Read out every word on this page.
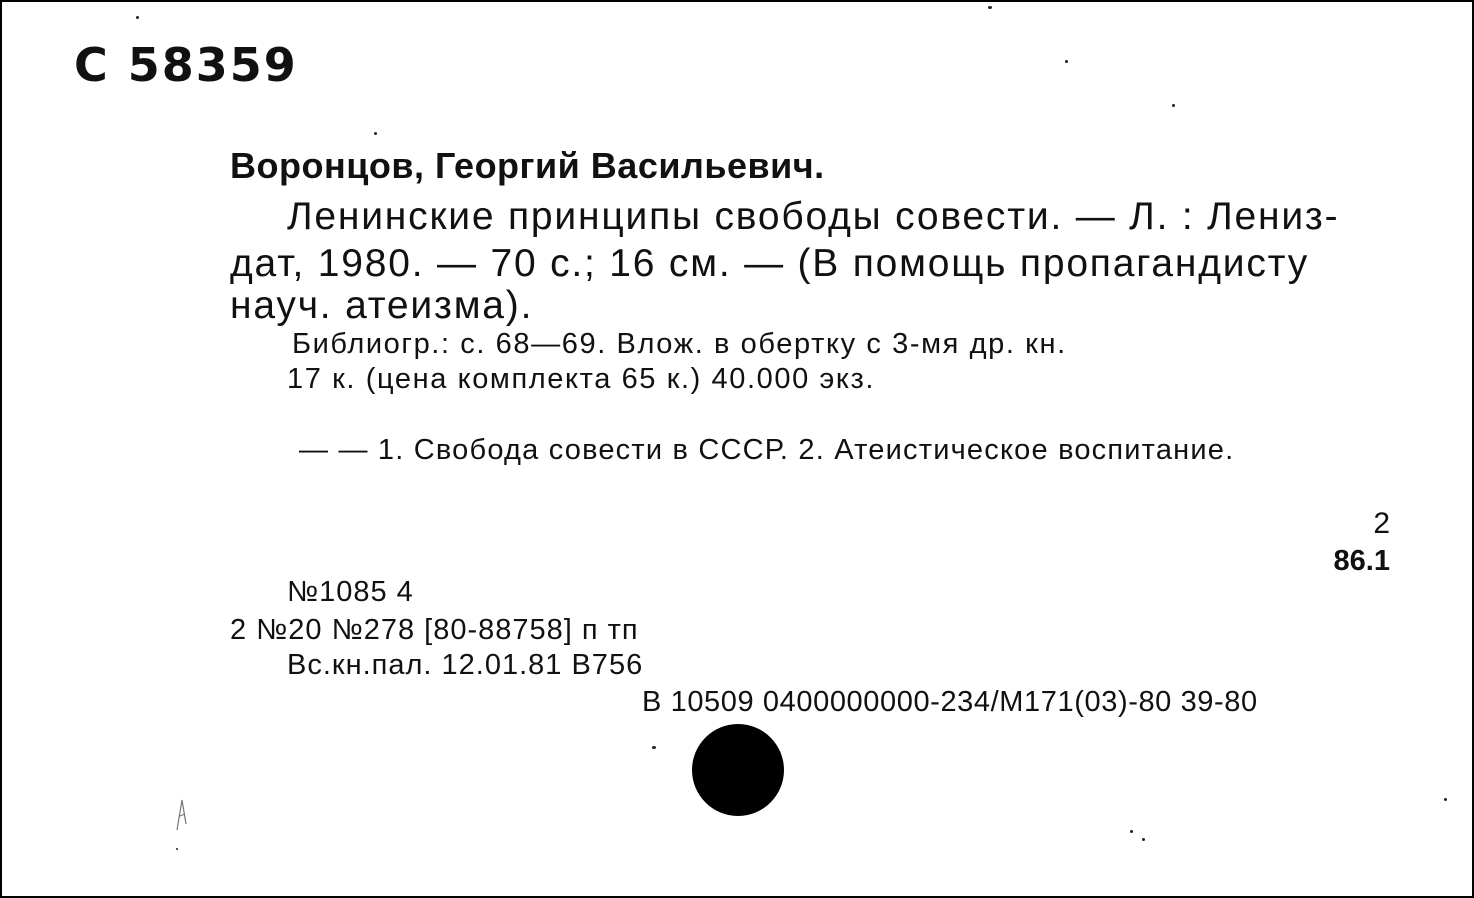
С 58359
Воронцов, Георгий Васильевич.
Ленинские принципы свободы совести. — Л. : Лениз-
дат, 1980. — 70 с.; 16 см. — (В помощь пропагандисту
науч. атеизма).
Библиогр.: с. 68—69. Влож. в обертку с 3-мя др. кн.
17 к. (цена комплекта 65 к.) 40.000 экз.
— — 1. Свобода совести в СССР. 2. Атеистическое воспитание.
2
86.1
№1085 4
2 №20 №278 [80-88758] п тп
Вс.кн.пал. 12.01.81 В756
В 10509 0400000000-234/М171(03)-80 39-80
